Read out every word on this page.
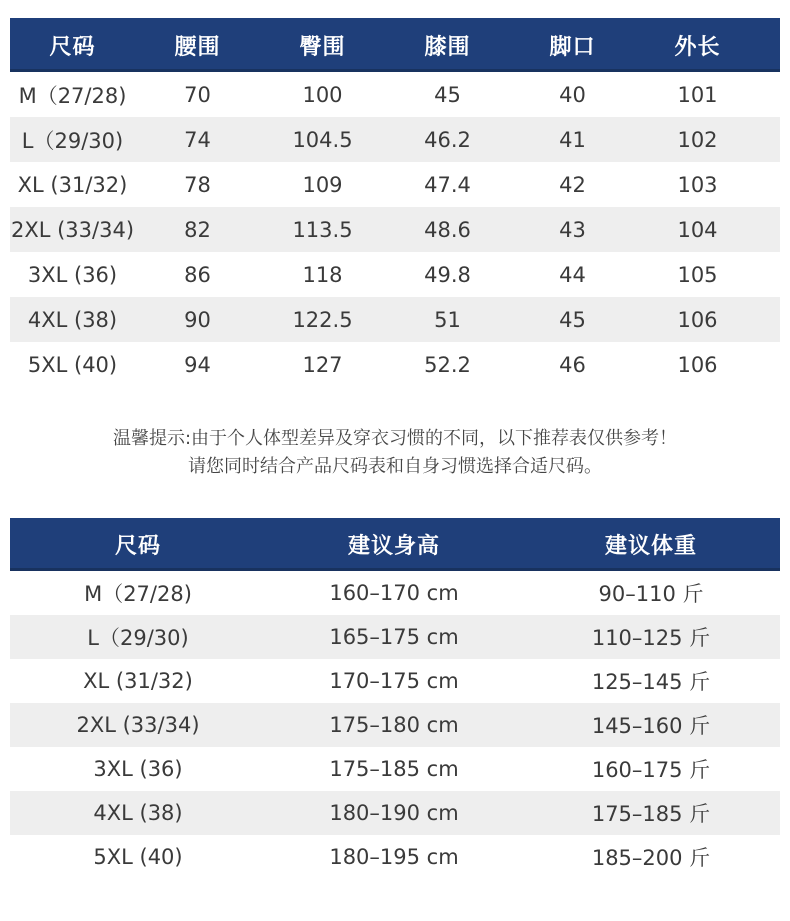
尺码	腰围	臀围	膝围	脚口	外长
M（27/28)	70	100	45	40	101
L（29/30)	74	104.5	46.2	41	102
XL (31/32)	78	109	47.4	42	103
2XL (33/34)	82	113.5	48.6	43	104
3XL (36)	86	118	49.8	44	105
4XL (38)	90	122.5	51	45	106
5XL (40)	94	127	52.2	46	106
温馨提示:由于个人体型差异及穿衣习惯的不同，以下推荐表仅供参考！
请您同时结合产品尺码表和自身习惯选择合适尺码。
尺码	建议身高	建议体重
M（27/28)	160–170 cm	90–110 斤
L（29/30)	165–175 cm	110–125 斤
XL (31/32)	170–175 cm	125–145 斤
2XL (33/34)	175–180 cm	145–160 斤
3XL (36)	175–185 cm	160–175 斤
4XL (38)	180–190 cm	175–185 斤
5XL (40)	180–195 cm	185–200 斤
